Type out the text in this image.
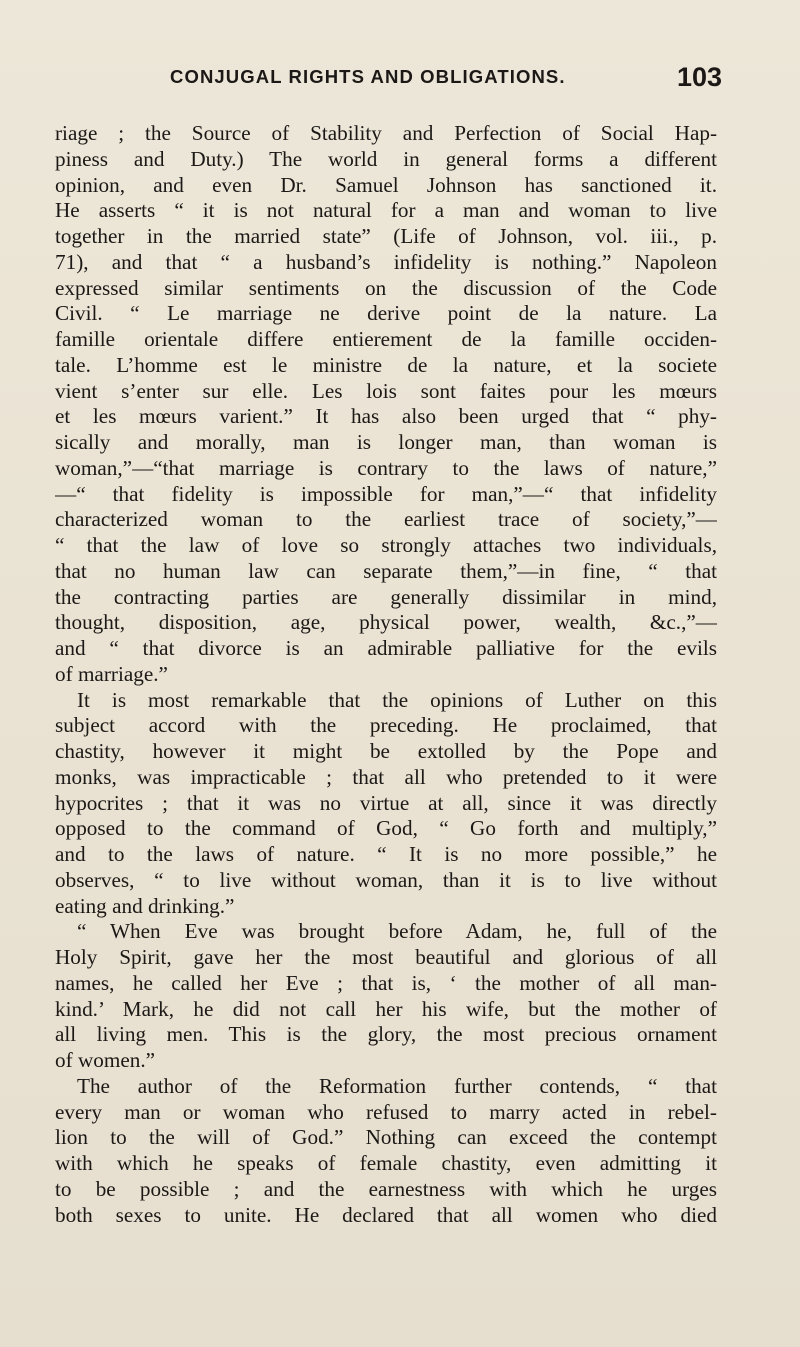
CONJUGAL RIGHTS AND OBLIGATIONS.	103
riage ; the Source of Stability and Perfection of Social Hap-
piness and Duty.) The world in general forms a different
opinion, and even Dr. Samuel Johnson has sanctioned it.
He asserts “ it is not natural for a man and woman to live
together in the married state” (Life of Johnson, vol. iii., p.
71), and that “ a husband’s infidelity is nothing.” Napoleon
expressed similar sentiments on the discussion of the Code
Civil. “ Le marriage ne derive point de la nature. La
famille orientale differe entierement de la famille occiden-
tale. L’homme est le ministre de la nature, et la societe
vient s’enter sur elle. Les lois sont faites pour les mœurs
et les mœurs varient.” It has also been urged that “ phy-
sically and morally, man is longer man, than woman is
woman,”—“that marriage is contrary to the laws of nature,”
—“ that fidelity is impossible for man,”—“ that infidelity
characterized woman to the earliest trace of society,”—
“ that the law of love so strongly attaches two individuals,
that no human law can separate them,”—in fine, “ that
the contracting parties are generally dissimilar in mind,
thought, disposition, age, physical power, wealth, &c.,”—
and “ that divorce is an admirable palliative for the evils
of marriage.”
It is most remarkable that the opinions of Luther on this
subject accord with the preceding. He proclaimed, that
chastity, however it might be extolled by the Pope and
monks, was impracticable ; that all who pretended to it were
hypocrites ; that it was no virtue at all, since it was directly
opposed to the command of God, “ Go forth and multiply,”
and to the laws of nature. “ It is no more possible,” he
observes, “ to live without woman, than it is to live without
eating and drinking.”
“ When Eve was brought before Adam, he, full of the
Holy Spirit, gave her the most beautiful and glorious of all
names, he called her Eve ; that is, ‘ the mother of all man-
kind.’ Mark, he did not call her his wife, but the mother of
all living men. This is the glory, the most precious ornament
of women.”
The author of the Reformation further contends, “ that
every man or woman who refused to marry acted in rebel-
lion to the will of God.” Nothing can exceed the contempt
with which he speaks of female chastity, even admitting it
to be possible ; and the earnestness with which he urges
both sexes to unite. He declared that all women who died
